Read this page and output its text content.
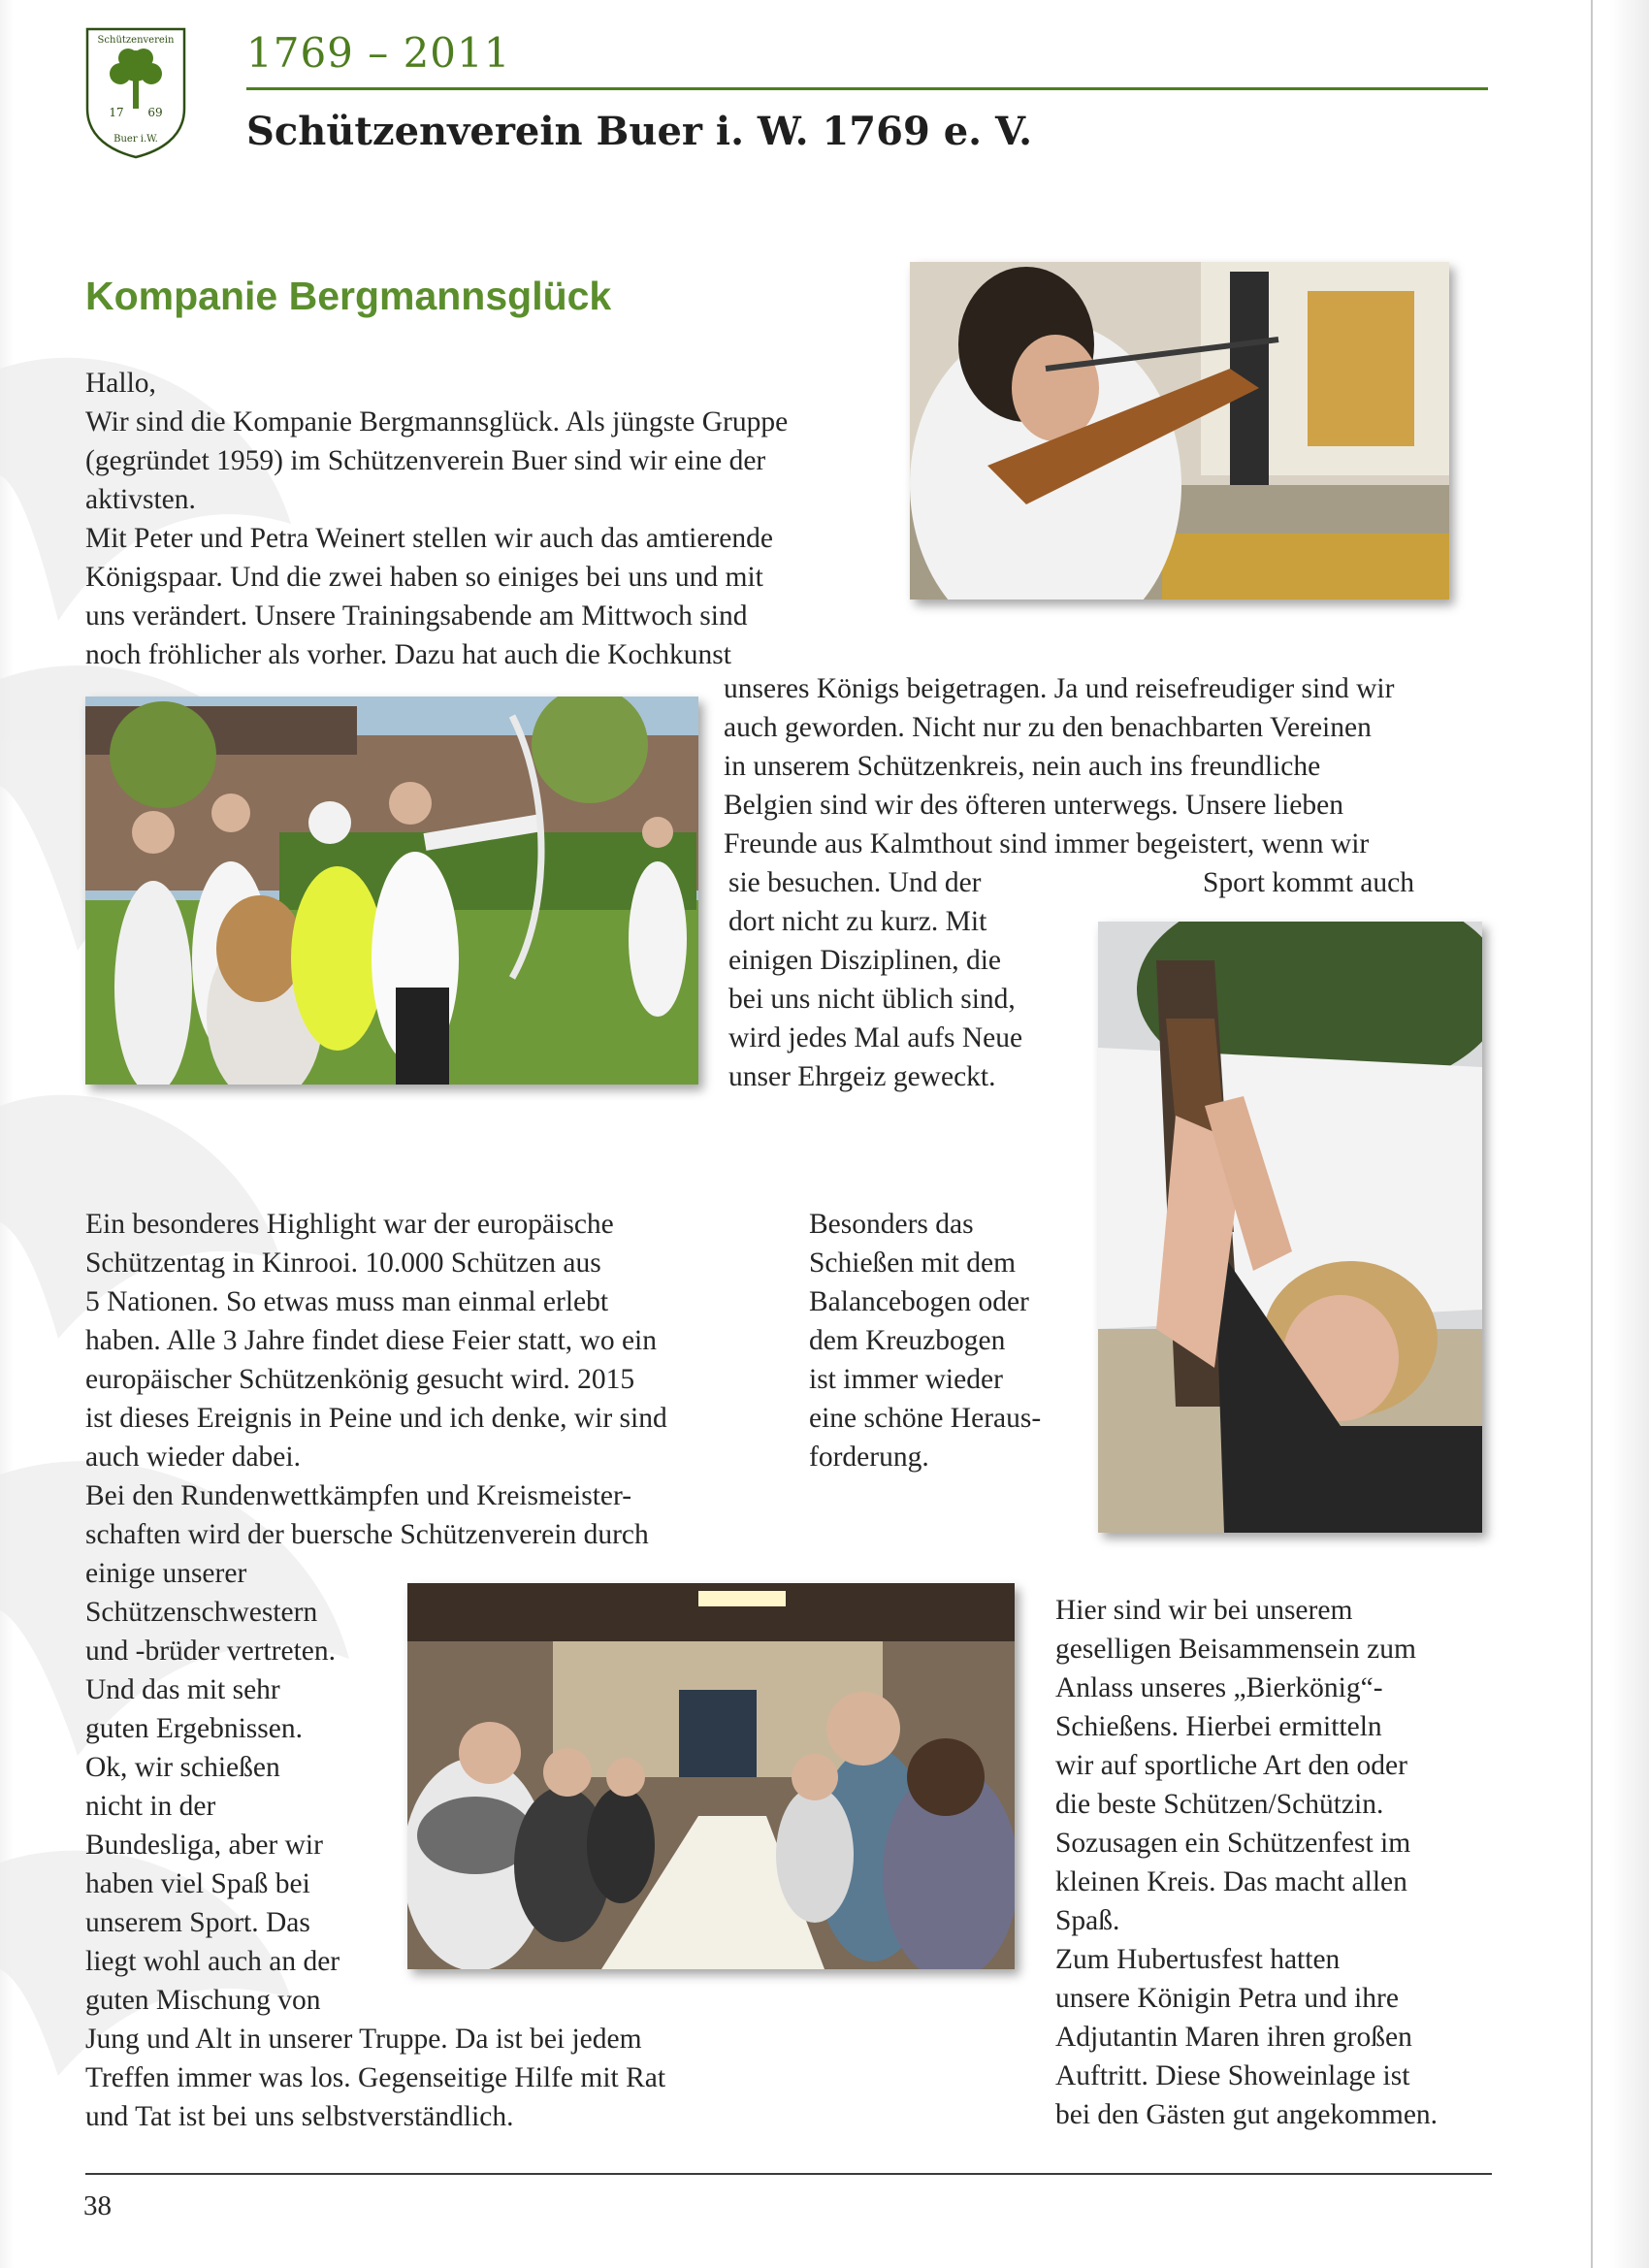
Schützenverein
17 69
Buer i.W.
1769 – 2011
Schützenverein Buer i. W. 1769 e. V.
Kompanie Bergmannsglück
Hallo,
Wir sind die Kompanie Bergmannsglück. Als jüngste Gruppe
(gegründet 1959) im Schützenverein Buer sind wir eine der
aktivsten.
Mit Peter und Petra Weinert stellen wir auch das amtierende
Königspaar. Und die zwei haben so einiges bei uns und mit
uns verändert. Unsere Trainingsabende am Mittwoch sind
noch fröhlicher als vorher. Dazu hat auch die Kochkunst
unseres Königs beigetragen. Ja und reisefreudiger sind wir
auch geworden. Nicht nur zu den benachbarten Vereinen
in unserem Schützenkreis, nein auch ins freundliche
Belgien sind wir des öfteren unterwegs. Unsere lieben
Freunde aus Kalmthout sind immer begeistert, wenn wir
sie besuchen. Und der	Sport kommt auch
dort nicht zu kurz. Mit
einigen Disziplinen, die
bei uns nicht üblich sind,
wird jedes Mal aufs Neue
unser Ehrgeiz geweckt.
Ein besonderes Highlight war der europäische
Schützentag in Kinrooi. 10.000 Schützen aus
5 Nationen. So etwas muss man einmal erlebt
haben. Alle 3 Jahre findet diese Feier statt, wo ein
europäischer Schützenkönig gesucht wird. 2015
ist dieses Ereignis in Peine und ich denke, wir sind
auch wieder dabei.
Bei den Rundenwettkämpfen und Kreismeister-
schaften wird der buersche Schützenverein durch
einige unserer
Besonders das
Schießen mit dem
Balancebogen oder
dem Kreuzbogen
ist immer wieder
eine schöne Heraus-
forderung.
Schützenschwestern
und -brüder vertreten.
Und das mit sehr
guten Ergebnissen.
Ok, wir schießen
nicht in der
Bundesliga, aber wir
haben viel Spaß bei
unserem Sport. Das
liegt wohl auch an der
guten Mischung von
Jung und Alt in unserer Truppe. Da ist bei jedem
Treffen immer was los. Gegenseitige Hilfe mit Rat
und Tat ist bei uns selbstverständlich.
Hier sind wir bei unserem
geselligen Beisammensein zum
Anlass unseres „Bierkönig“-
Schießens. Hierbei ermitteln
wir auf sportliche Art den oder
die beste Schützen/Schützin.
Sozusagen ein Schützenfest im
kleinen Kreis. Das macht allen
Spaß.
Zum Hubertusfest hatten
unsere Königin Petra und ihre
Adjutantin Maren ihren großen
Auftritt. Diese Showeinlage ist
bei den Gästen gut angekommen.
38
